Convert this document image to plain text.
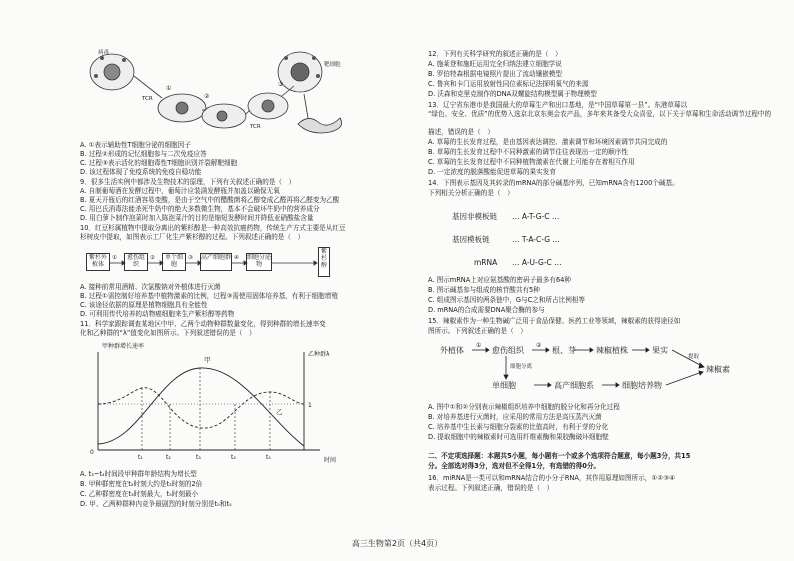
病毒
靶细胞
TCR
TCR
①
②
③
A. ①表示辅助性T细胞分泌的细胞因子
B. 过程②形成的记忆细胞参与二次免疫应答
C. 过程③表示活化的细胞毒性T细胞识别并裂解靶细胞
D. 该过程体现了免疫系统的免疫自稳功能
9．很多生活实例中都涉及生物技术的原理，下列有关叙述正确的是（　）
A. 自制葡萄酒在发酵过程中，葡萄汁应装满发酵瓶并加盖以确保无氧
B. 夏天开瓶后的红酒容易变酸，是由于空气中的醋酸菌将乙醇变成乙醛再将乙醛变为乙酸
C. 用巴氏消毒法能杀死牛奶中的绝大多数微生物，基本不会破坏牛奶中的营养成分
D. 用白萝卜制作泡菜时加入陈泡菜汁的目的是缩短发酵时间并降低亚硝酸盐含量
10．红豆杉属植物中提取分离出的紫杉醇是一种高效抗癌药物，传统生产方式主要是从红豆
杉树皮中提取，如图表示工厂化生产紫杉醇的过程。下列叙述正确的是（　）
紫杉外植体
愈伤组织
单个细胞
高产细胞群	细胞分泌物
紫杉醇
①	②	③	④
A. 接种前常用酒精、次氯酸钠对外植体进行灭菌
B. 过程①需控制好培养基中植物激素的比例，过程③需使用固体培养基，有利于细胞增殖
C. 该途径依据的原理是植物细胞具有全能性
D. 可利用传代培养的动物癌细胞来生产紫杉醇等药物
11．科学家跟踪调查某地区中甲、乙两个动物种群数量变化，得到种群的增长速率变
化和乙种群的“λ”值变化如图所示。下列叙述错误的是（　）
甲种群增长速率
乙种群λ
甲
乙
1
0
t₁	t₂	t₃	t₄	t₅	时间
A. t₃~t₄时间段甲种群年龄结构为增长型
B. 甲种群密度在t₂时刻大约是t₃时刻的2倍
C. 乙种群密度在t₃时刻最大，t₅时刻最小
D. 甲、乙两种群种内竞争最剧烈的时刻分别是t₅和t₅
12．下列有关科学研究的叙述正确的是（　）
A. 施莱登和施旺运用完全归纳法建立细胞学说
B. 罗伯特森根据电镜照片提出了流动镶嵌模型
C. 鲁宾和卡门运用放射性同位素标记法探明氧气的来源
D. 沃森和克里克制作的DNA双螺旋结构模型属于物理模型
13．辽宁省东港市是我国最大的草莓生产和出口基地，是“中国草莓第一县”。东港草莓以
“绿色、安全、优质”的优势入选京北京东奥会农产品，多年来其备受大众喜爱，以下关于草莓和生命活动调节过程中的
描述，错误的是（　）
A. 草莓的生长发育过程，是由基因表达调控、激素调节和环境因素调节共同完成的
B. 草莓的生长发育过程中不同种激素的调节往往表现出一定的顺序性
C. 草莓的生长发育过程中不同种植物激素在代谢上可能存在着相互作用
D. 一定浓度的脱落酸能促进草莓的果实发育
14．下图表示基因及其转录的mRNA的部分碱基序列，已知mRNA含有1200个碱基。
下列相关分析正确的是（　）
基因非模板链 … A-T-G-C …
基因模板链	… T-A-C-G …
mRNA … A-U-G-C …
A. 图示mRNA上对应氨基酸的密码子最多有64种
B. 图示碱基参与组成的核苷酸共有5种
C. 组成图示基因的两条链中，G与C之和所占比例相等
D. mRNA的合成需要DNA聚合酶的参与
15．辣椒素作为一种生物碱广泛用于食品保健、医药工业等领域，辣椒素的获得途径如
图所示。下列叙述正确的是（　）
外植体
①
愈伤组织
②
根、芽	辣椒植株	果实
提取
辣椒素
细胞分离
单细胞	高产细胞系	细胞培养物
A. 图中①和②分别表示辣椒组织培养中细胞的脱分化和再分化过程
B. 对培养基进行灭菌时，应采用的常用方法是高压蒸汽灭菌
C. 培养基中生长素与细胞分裂素的比值高时，有利于芽的分化
D. 提取细胞中的辣椒素时可选用纤维素酶和果胶酶破坏细胞壁
二、不定项选择题：本题共5小题，每小题有一个或多个选项符合题意，每小题3分，共15
分。全部选对得3分，选对但不全得1分，有选错的得0分。
16．miRNA是一类可以和mRNA结合的小分子RNA，其作用原理如图所示，①②③④
表示过程。下列叙述正确，错误的是（　）
高三生物第2页（共4页）
